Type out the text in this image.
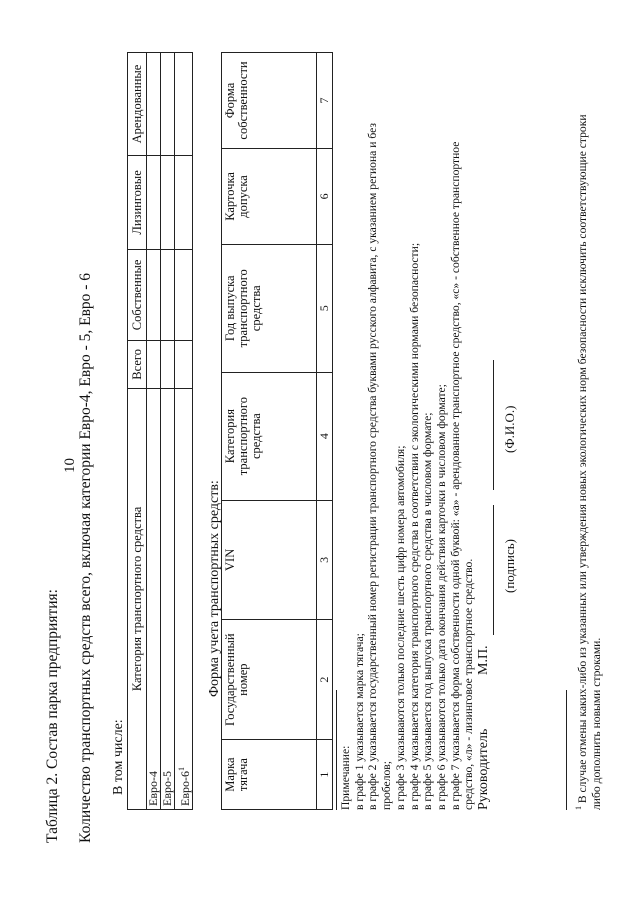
10
Таблица 2. Состав парка предприятия: Количество транспортных средств всего, включая категории Евро-4, Евро - 5, Евро - 6 В том числе:
Категория транспортного средства	Всего	Собственные	Лизинговые	Арендованные
Евро-4				
Евро-5				
Евро-$6^1$				
Форма учета транспортных средств:
Марка тягача	Государственный номер	VIN	Категория транспортного средства	Год выпуска транспортного средства	Карточка допуска	Форма собственности
1	2	3	4	5	6	7
Примечание: в графе 1 указывается марка тягача; в графе 2 указывается государственный номер регистрации транспортного средства буквами русского алфавита, с указанием региона и без пробелов; в графе 3 указываются только последние шесть цифр номера автомобиля; в графе 4 указывается категория транспортного средства в соответствии с экологическими нормами безопасности; в графе 5 указывается год выпуска транспортного средства в числовом формате; в графе 6 указываются только дата окончания действия карточки в числовом формате; в графе 7 указывается форма собственности одной буквой: «а» - арендованное транспортное средство, «с» - собственное транспортное средство, «л» - лизинговое транспортное средство. Руководитель
М.П.
(подпись)
(Ф.И.О.)
$^1$ В случае отмены каких-либо из указанных или утверждения новых экологических норм безопасности исключить соответствующие строки либо дополнить новыми строками.
